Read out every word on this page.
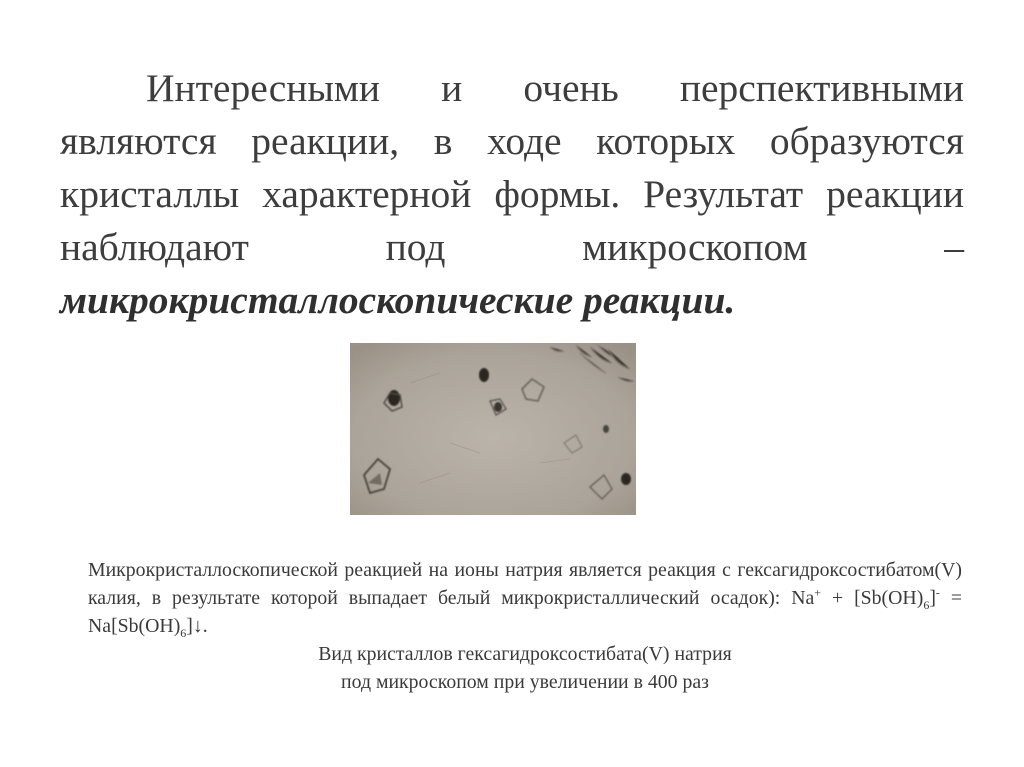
Интересными и очень перспективными являются реакции, в ходе которых образуются кристаллы характерной формы. Результат реакции наблюдают под микроскопом – микрокристаллоскопические реакции.

Микрокристаллоскопической реакцией на ионы натрия является реакция с гексагидроксостибатом(V) калия, в результате которой выпадает белый микрокристаллический осадок): $Na^+ + [Sb(OH)_6]^-$ = $Na[Sb(OH)_6]↓$.

Вид кристаллов гексагидроксостибата(V) натрия

под микроскопом при увеличении в 400 раз
